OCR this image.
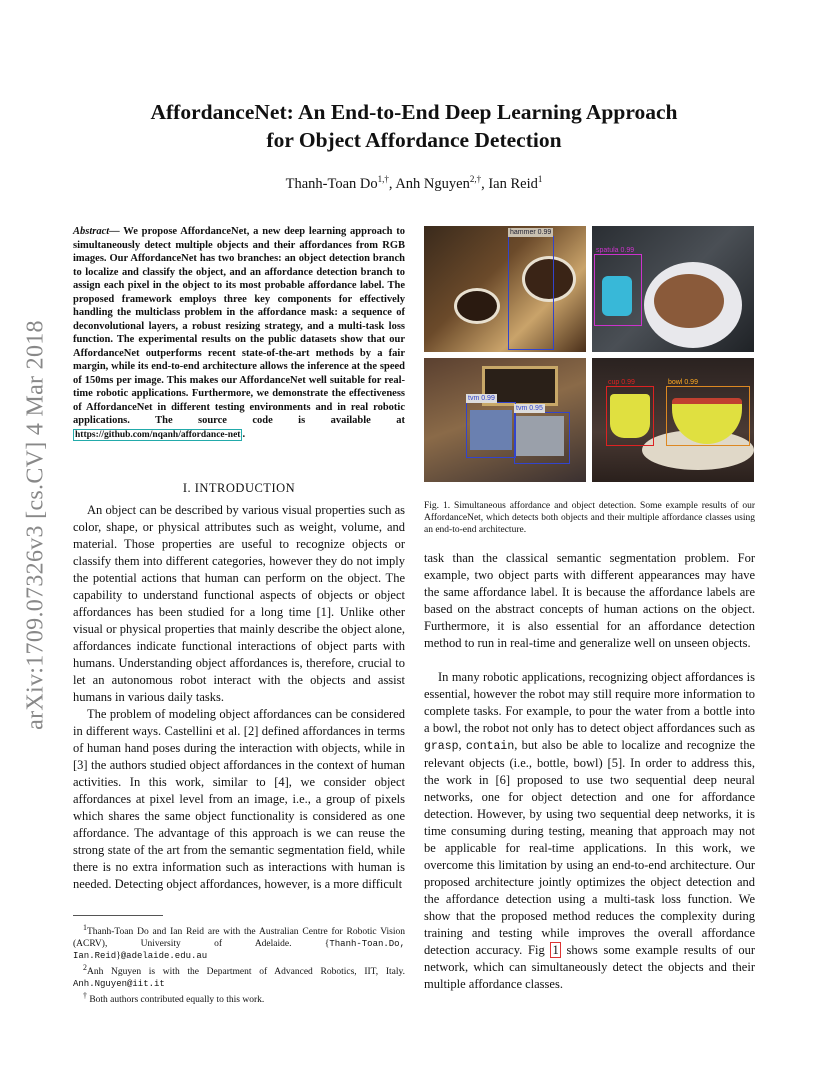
arXiv:1709.07326v3 [cs.CV] 4 Mar 2018
AffordanceNet: An End-to-End Deep Learning Approach
for Object Affordance Detection
Thanh-Toan $Do^{1,\dagger}$, Anh Nguyen$^{2,\dagger}$, Ian Reid$^1$
Abstract— We propose AffordanceNet, a new deep learning approach to simultaneously detect multiple objects and their affordances from RGB images. Our AffordanceNet has two branches: an object detection branch to localize and classify the object, and an affordance detection branch to assign each pixel in the object to its most probable affordance label. The proposed framework employs three key components for effectively handling the multiclass problem in the affordance mask: a sequence of deconvolutional layers, a robust resizing strategy, and a multi-task loss function. The experimental results on the public datasets show that our AffordanceNet outperforms recent state-of-the-art methods by a fair margin, while its end-to-end architecture allows the inference at the speed of 150ms per image. This makes our AffordanceNet well suitable for real-time robotic applications. Furthermore, we demonstrate the effectiveness of AffordanceNet in different testing environments and in real robotic applications. The source code is available at https://github.com/nqanh/affordance-net .
I. INTRODUCTION

An object can be described by various visual properties such as color, shape, or physical attributes such as weight, volume, and material. Those properties are useful to recognize objects or classify them into different categories, however they do not imply the potential actions that human can perform on the object. The capability to understand functional aspects of objects or object affordances has been studied for a long time [1]. Unlike other visual or physical properties that mainly describe the object alone, affordances indicate functional interactions of object parts with humans. Understanding object affordances is, therefore, crucial to let an autonomous robot interact with the objects and assist humans in various daily tasks.

The problem of modeling object affordances can be considered in different ways. Castellini et al. [2] defined affordances in terms of human hand poses during the interaction with objects, while in [3] the authors studied object affordances in the context of human activities. In this work, similar to [4], we consider object affordances at pixel level from an image, i.e., a group of pixels which shares the same object functionality is considered as one affordance. The advantage of this approach is we can reuse the strong state of the art from the semantic segmentation field, while there is no extra information such as interactions with human is needed. Detecting object affordances, however, is a more difficult

$^1$Thanh-Toan Do and Ian Reid are with the Australian Centre for Robotic Vision (ACRV), University of Adelaide. {Thanh-Toan.Do, Ian.Reid}@adelaide.edu.au

$^2$Anh Nguyen is with the Department of Advanced Robotics, IIT, Italy. Anh.Nguyen@iit.it

† Both authors contributed equally to this work.

hammer 0.99
spatula 0.99
tvm 0.99
tvm 0.95
cup 0.99	bowl 0.99
Fig. 1. Simultaneous affordance and object detection. Some example results of our AffordanceNet, which detects both objects and their multiple affordance classes using an end-to-end architecture.

task than the classical semantic segmentation problem. For example, two object parts with different appearances may have the same affordance label. It is because the affordance labels are based on the abstract concepts of human actions on the object. Furthermore, it is also essential for an affordance detection method to run in real-time and generalize well on unseen objects.

In many robotic applications, recognizing object affordances is essential, however the robot may still require more information to complete tasks. For example, to pour the water from a bottle into a bowl, the robot not only has to detect object affordances such as grasp, contain, but also be able to localize and recognize the relevant objects (i.e., bottle, bowl) [5]. In order to address this, the work in [6] proposed to use two sequential deep neural networks, one for object detection and one for affordance detection. However, by using two sequential deep networks, it is time consuming during testing, meaning that approach may not be applicable for real-time applications. In this work, we overcome this limitation by using an end-to-end architecture. Our proposed architecture jointly optimizes the object detection and the affordance detection using a multi-task loss function. We show that the proposed method reduces the complexity during training and testing while improves the overall affordance detection accuracy. Fig 1 shows some example results of our network, which can simultaneously detect the objects and their multiple affordance classes.
